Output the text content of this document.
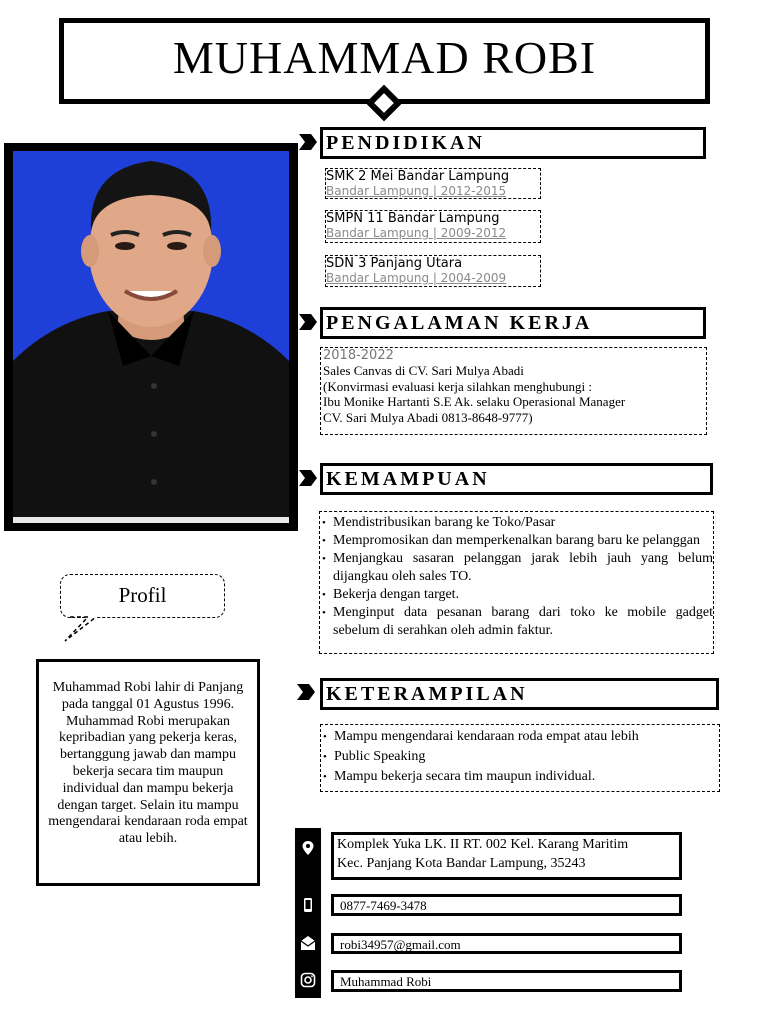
MUHAMMAD ROBI
PENDIDIKAN
SMK 2 Mei Bandar Lampung
Bandar Lampung | 2012-2015
SMPN 11 Bandar Lampung
Bandar Lampung | 2009-2012
SDN 3 Panjang Utara
Bandar Lampung | 2004-2009
PENGALAMAN KERJA
2018-2022
Sales Canvas di CV. Sari Mulya Abadi
(Konvirmasi evaluasi kerja silahkan menghubungi :
Ibu Monike Hartanti S.E Ak. selaku Operasional Manager
CV. Sari Mulya Abadi 0813-8648-9777)
KEMAMPUAN
• Mendistribusikan barang ke Toko/Pasar
• Mempromosikan dan memperkenalkan barang baru ke pelanggan
• Menjangkau sasaran pelanggan jarak lebih jauh yang belum dijangkau oleh sales TO.
• Bekerja dengan target.
• Menginput data pesanan barang dari toko ke mobile gadget sebelum di serahkan oleh admin faktur.
KETERAMPILAN
• Mampu mengendarai kendaraan roda empat atau lebih
• Public Speaking
• Mampu bekerja secara tim maupun individual.
Profil
Muhammad Robi lahir di Panjang pada tanggal 01 Agustus 1996. Muhammad Robi merupakan kepribadian yang pekerja keras, bertanggung jawab dan mampu bekerja secara tim maupun individual dan mampu bekerja dengan target. Selain itu mampu mengendarai kendaraan roda empat atau lebih.	Komplek Yuka LK. II RT. 002 Kel. Karang Maritim
Kec. Panjang Kota Bandar Lampung, 35243
0877-7469-3478
robi34957@gmail.com
Muhammad Robi
